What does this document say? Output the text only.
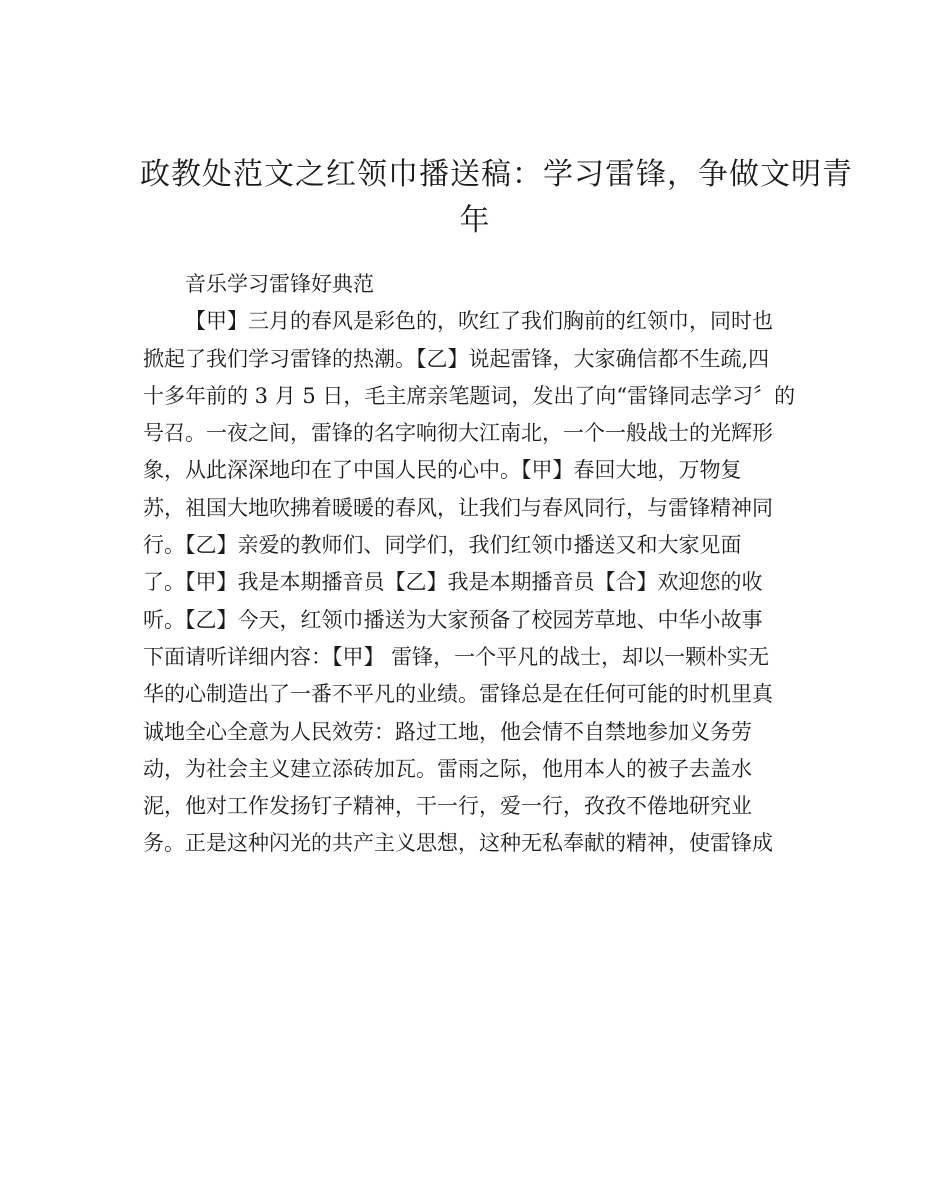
政教处范文之红领巾播送稿：学习雷锋，争做文明青
年
音乐学习雷锋好典范
【甲】三月的春风是彩色的，吹红了我们胸前的红领巾，同时也
掀起了我们学习雷锋的热潮。【乙】说起雷锋，大家确信都不生疏,四
十多年前的 3 月 5 日，毛主席亲笔题词，发出了向“雷锋同志学习〞的
号召。一夜之间，雷锋的名字响彻大江南北，一个一般战士的光辉形
象，从此深深地印在了中国人民的心中。【甲】春回大地，万物复
苏，祖国大地吹拂着暖暖的春风，让我们与春风同行，与雷锋精神同
行。【乙】亲爱的教师们、同学们，我们红领巾播送又和大家见面
了。【甲】我是本期播音员【乙】我是本期播音员【合】欢迎您的收
听。【乙】今天，红领巾播送为大家预备了校园芳草地、中华小故事
下面请听详细内容：【甲】 雷锋，一个平凡的战士，却以一颗朴实无
华的心制造出了一番不平凡的业绩。雷锋总是在任何可能的时机里真
诚地全心全意为人民效劳：路过工地，他会情不自禁地参加义务劳
动，为社会主义建立添砖加瓦。雷雨之际，他用本人的被子去盖水
泥，他对工作发扬钉子精神，干一行，爱一行，孜孜不倦地研究业
务。正是这种闪光的共产主义思想，这种无私奉献的精神，使雷锋成
